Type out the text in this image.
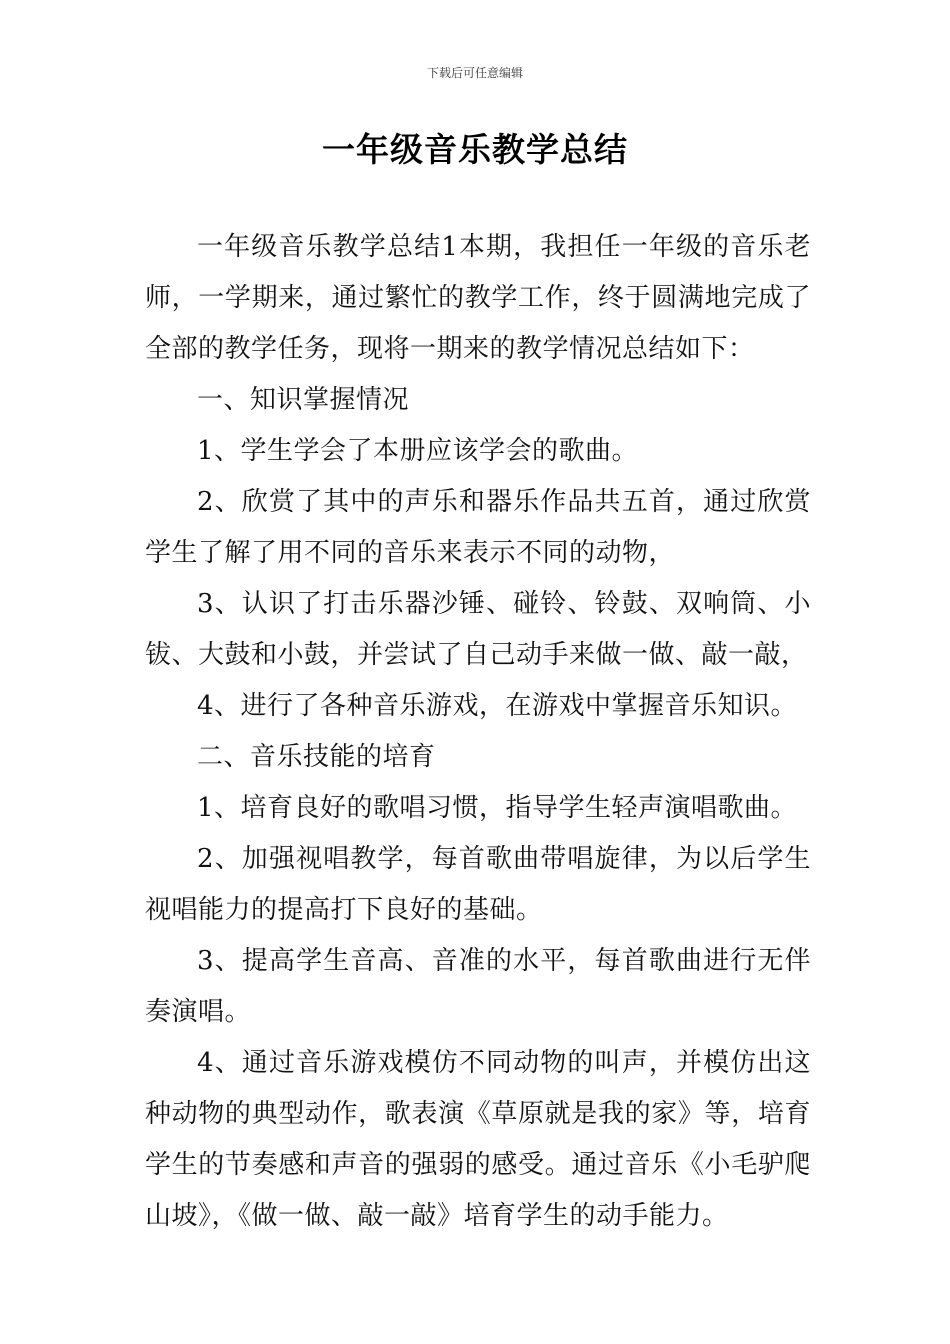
下载后可任意编辑
一年级音乐教学总结

一年级音乐教学总结1本期，我担任一年级的音乐老师，一学期来，通过繁忙的教学工作，终于圆满地完成了全部的教学任务，现将一期来的教学情况总结如下：

一、知识掌握情况

1、学生学会了本册应该学会的歌曲。

2、欣赏了其中的声乐和器乐作品共五首，通过欣赏学生了解了用不同的音乐来表示不同的动物，

3、认识了打击乐器沙锤、碰铃、铃鼓、双响筒、小钹、大鼓和小鼓，并尝试了自己动手来做一做、敲一敲，

4、进行了各种音乐游戏，在游戏中掌握音乐知识。

二、音乐技能的培育

1、培育良好的歌唱习惯，指导学生轻声演唱歌曲。

2、加强视唱教学，每首歌曲带唱旋律，为以后学生视唱能力的提高打下良好的基础。

3、提高学生音高、音准的水平，每首歌曲进行无伴奏演唱。

4、通过音乐游戏模仿不同动物的叫声，并模仿出这种动物的典型动作，歌表演《草原就是我的家》等，培育学生的节奏感和声音的强弱的感受。通过音乐《小毛驴爬山坡》，《做一做、敲一敲》培育学生的动手能力。
